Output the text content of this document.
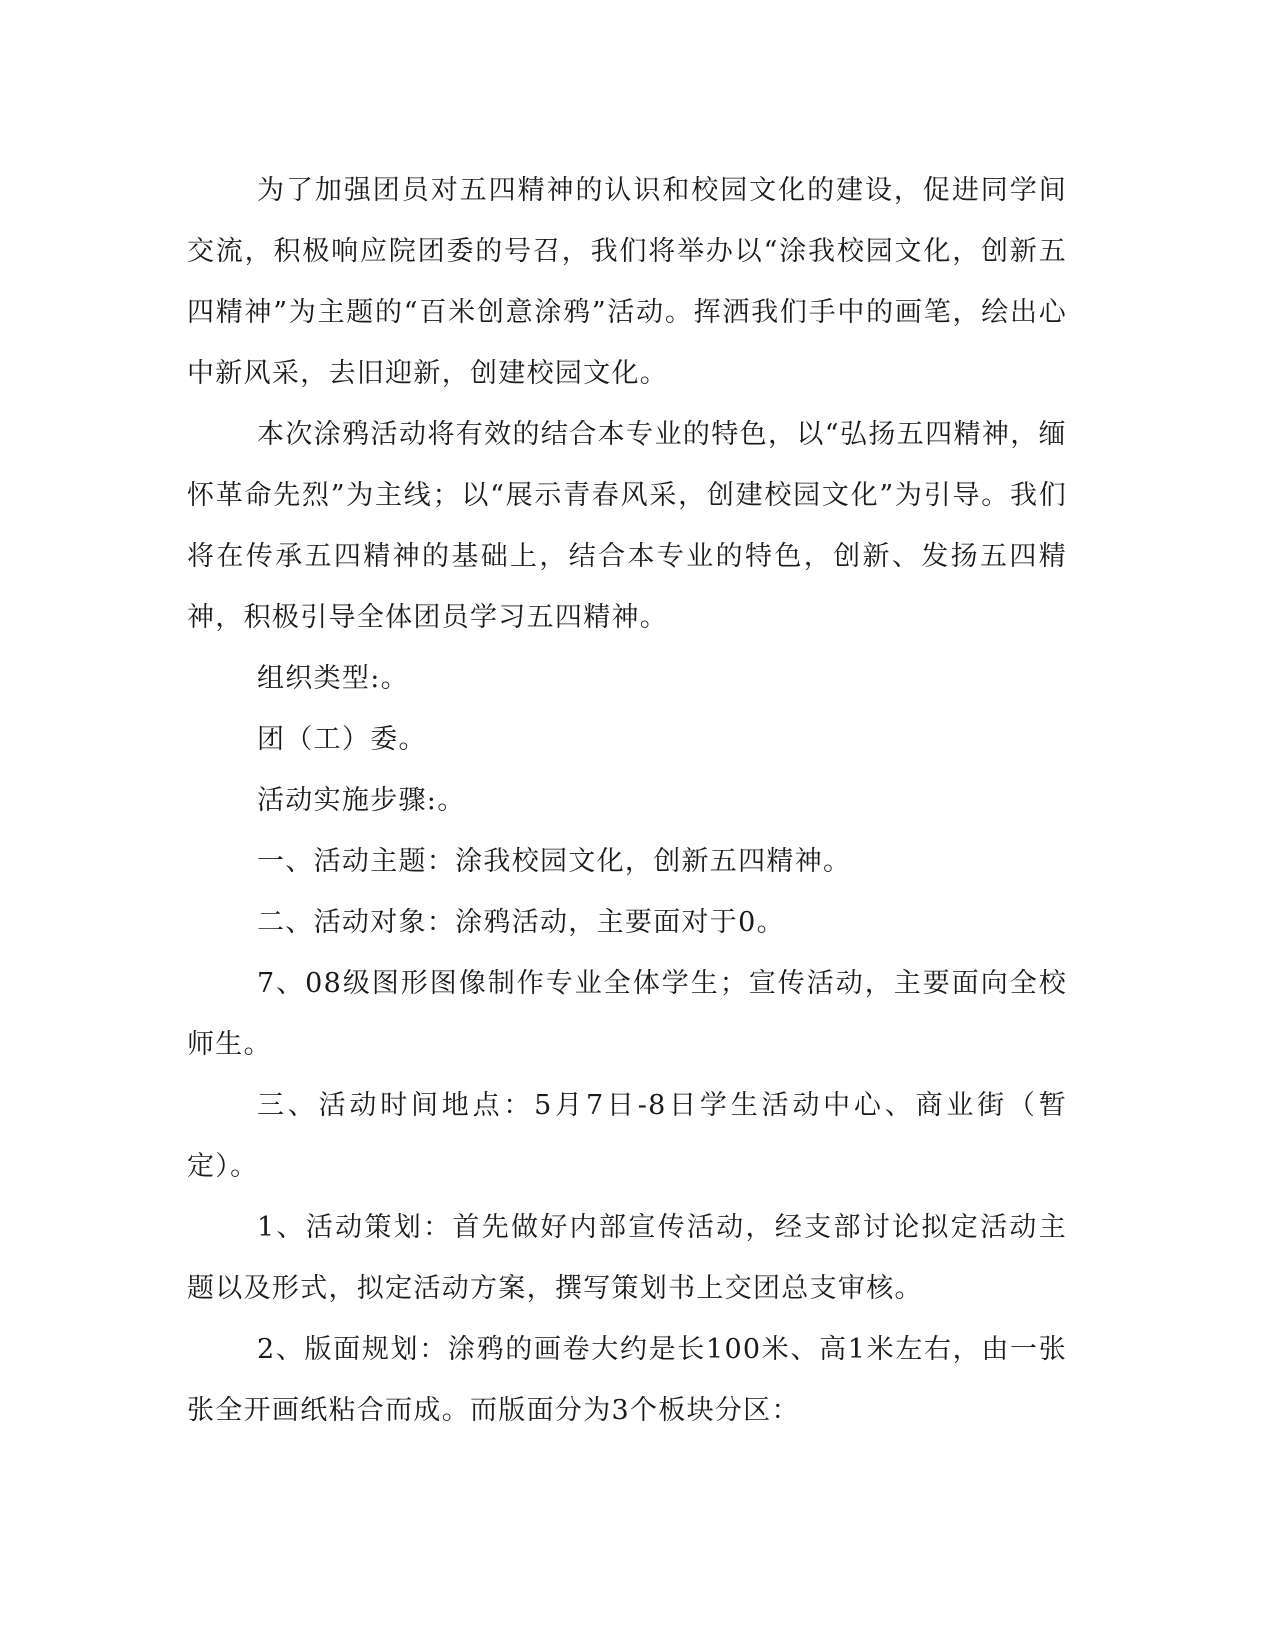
为了加强团员对五四精神的认识和校园文化的建设，促进同学间交流，积极响应院团委的号召，我们将举办以“涂我校园文化，创新五四精神”为主题的“百米创意涂鸦”活动。挥洒我们手中的画笔，绘出心中新风采，去旧迎新，创建校园文化。

本次涂鸦活动将有效的结合本专业的特色，以“弘扬五四精神，缅怀革命先烈”为主线；以“展示青春风采，创建校园文化”为引导。我们将在传承五四精神的基础上，结合本专业的特色，创新、发扬五四精神，积极引导全体团员学习五四精神。

组织类型:。

团（工）委。

活动实施步骤:。

一、活动主题：涂我校园文化，创新五四精神。

二、活动对象：涂鸦活动，主要面对于0。

7、08级图形图像制作专业全体学生；宣传活动，主要面向全校师生。

三、活动时间地点：5月7日-8日学生活动中心、商业街（暂定）。

1、活动策划：首先做好内部宣传活动，经支部讨论拟定活动主题以及形式，拟定活动方案，撰写策划书上交团总支审核。

2、版面规划：涂鸦的画卷大约是长100米、高1米左右，由一张张全开画纸粘合而成。而版面分为3个板块分区：
